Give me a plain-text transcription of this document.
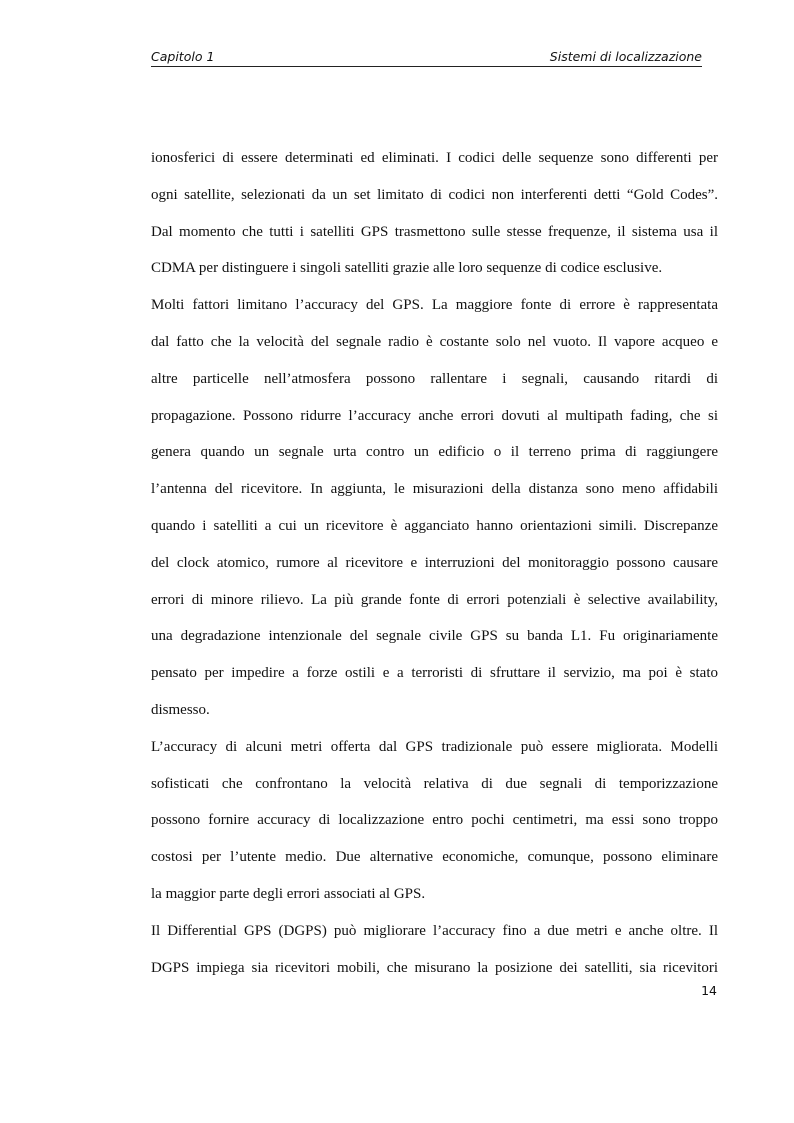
Capitolo 1	Sistemi di localizzazione
ionosferici di essere determinati ed eliminati. I codici delle sequenze sono differenti per
ogni satellite, selezionati da un set limitato di codici non interferenti detti “Gold Codes”.
Dal momento che tutti i satelliti GPS trasmettono sulle stesse frequenze, il sistema usa il
CDMA per distinguere i singoli satelliti grazie alle loro sequenze di codice esclusive.
Molti fattori limitano l’accuracy del GPS. La maggiore fonte di errore è rappresentata
dal fatto che la velocità del segnale radio è costante solo nel vuoto. Il vapore acqueo e
altre particelle nell’atmosfera possono rallentare i segnali, causando ritardi di
propagazione. Possono ridurre l’accuracy anche errori dovuti al multipath fading, che si
genera quando un segnale urta contro un edificio o il terreno prima di raggiungere
l’antenna del ricevitore. In aggiunta, le misurazioni della distanza sono meno affidabili
quando i satelliti a cui un ricevitore è agganciato hanno orientazioni simili. Discrepanze
del clock atomico, rumore al ricevitore e interruzioni del monitoraggio possono causare
errori di minore rilievo. La più grande fonte di errori potenziali è selective availability,
una degradazione intenzionale del segnale civile GPS su banda L1. Fu originariamente
pensato per impedire a forze ostili e a terroristi di sfruttare il servizio, ma poi è stato
dismesso.
L’accuracy di alcuni metri offerta dal GPS tradizionale può essere migliorata. Modelli
sofisticati che confrontano la velocità relativa di due segnali di temporizzazione
possono fornire accuracy di localizzazione entro pochi centimetri, ma essi sono troppo
costosi per l’utente medio. Due alternative economiche, comunque, possono eliminare
la maggior parte degli errori associati al GPS.
Il Differential GPS (DGPS) può migliorare l’accuracy fino a due metri e anche oltre. Il
DGPS impiega sia ricevitori mobili, che misurano la posizione dei satelliti, sia ricevitori
14
